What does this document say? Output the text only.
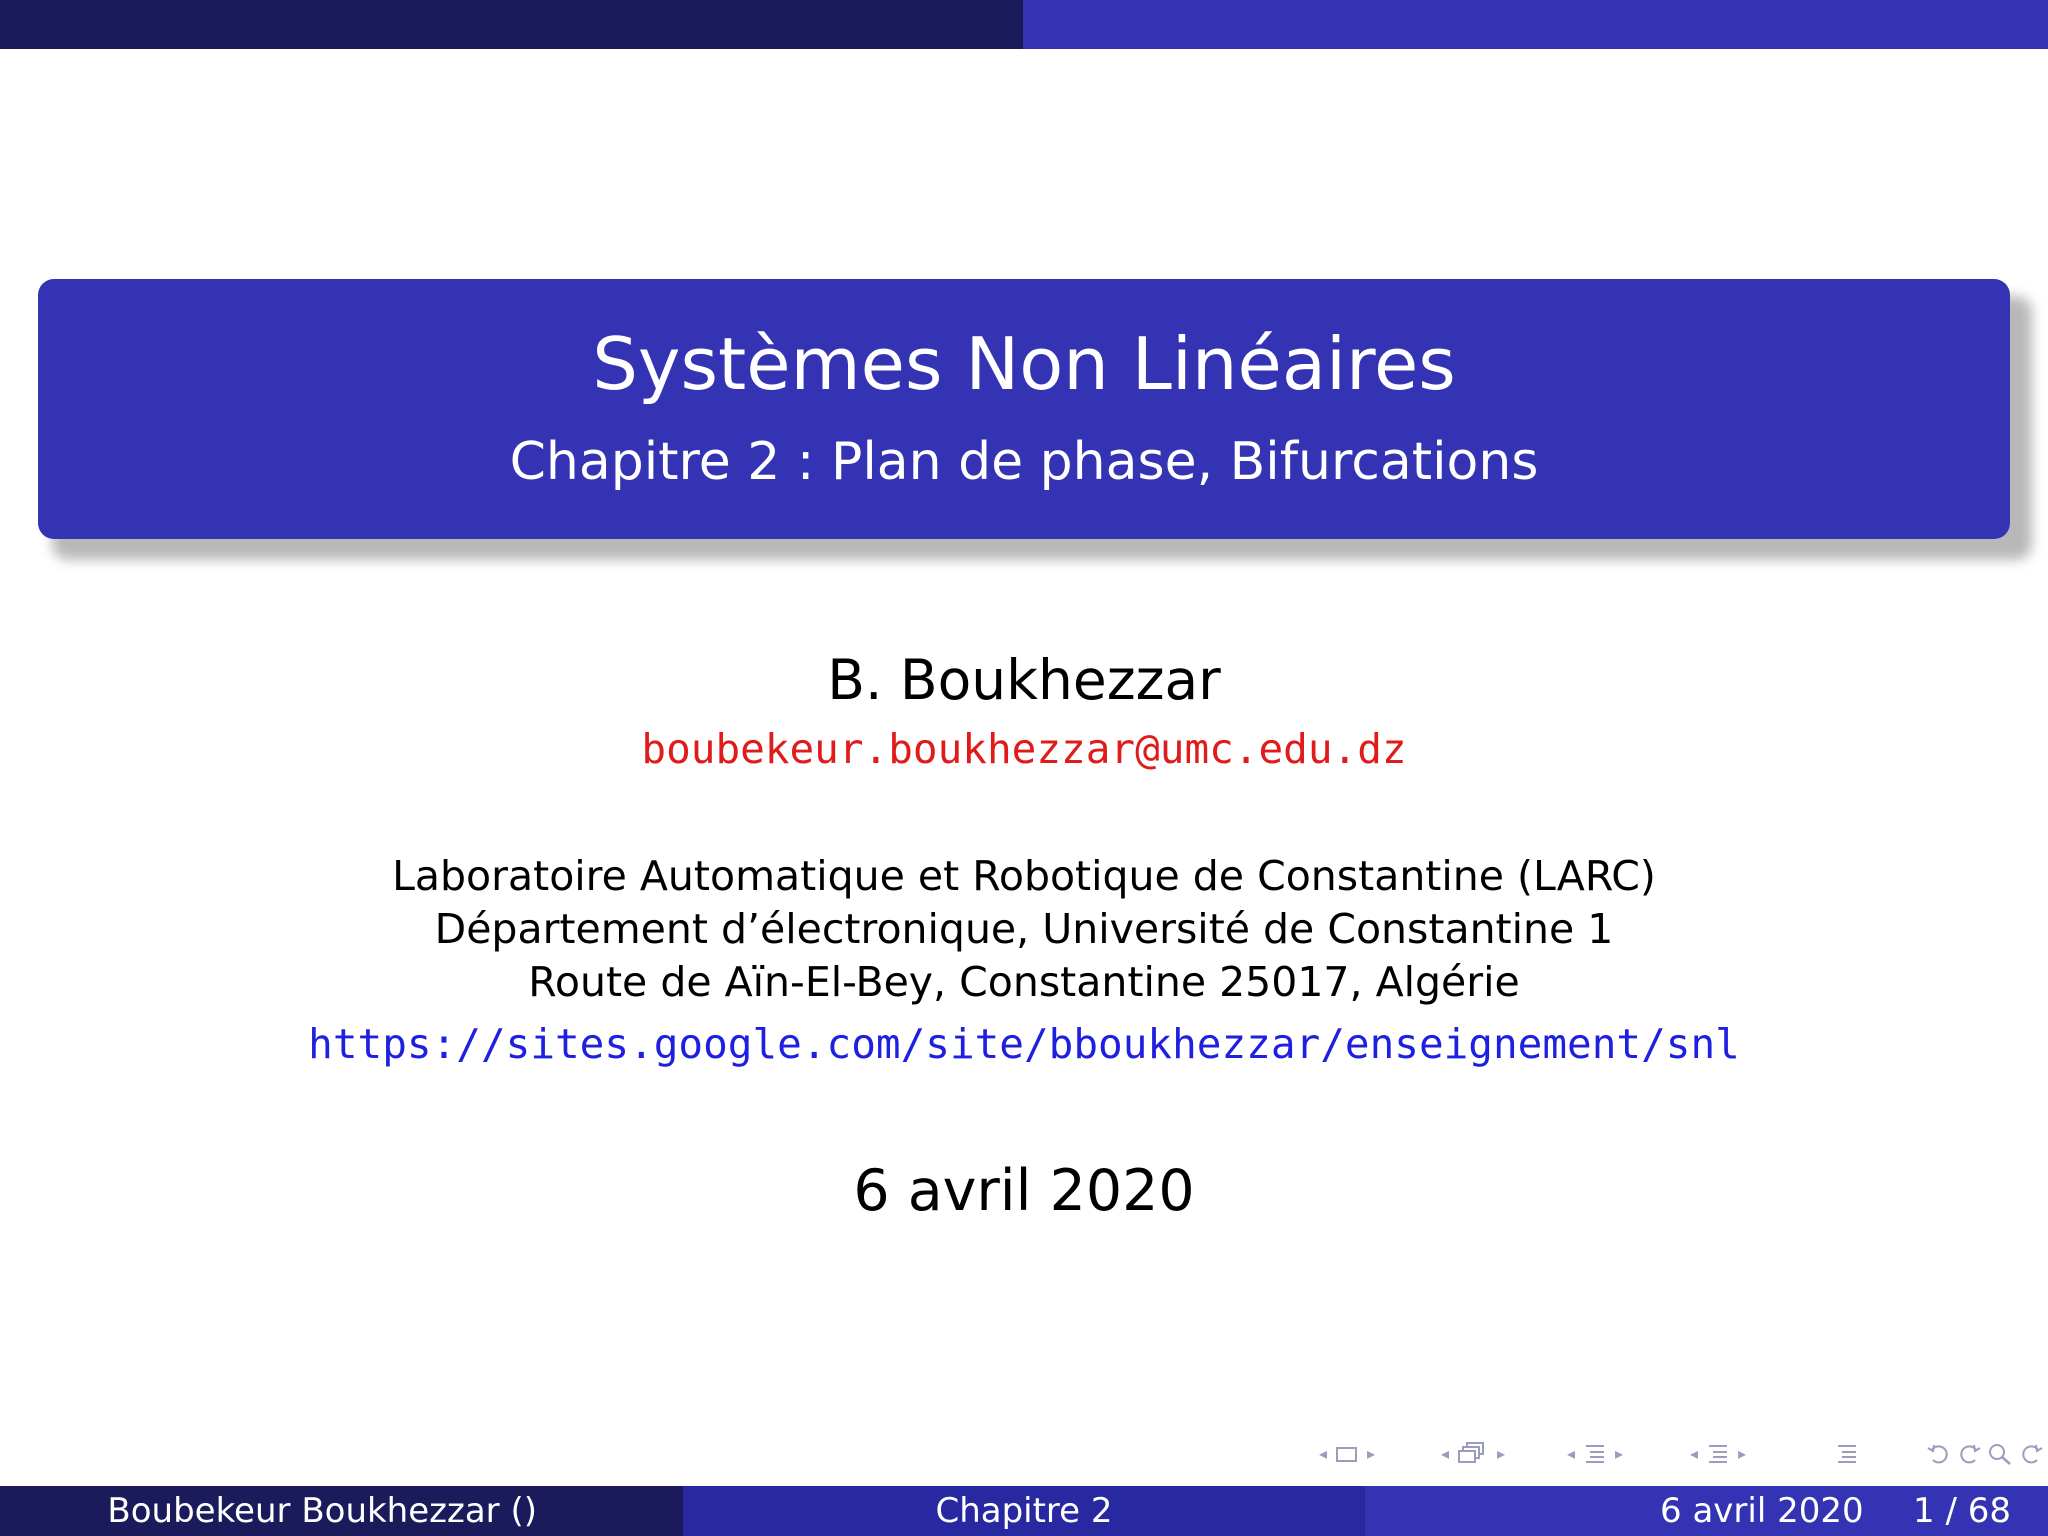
Systèmes Non Linéaires
Chapitre 2 : Plan de phase, Bifurcations
B. Boukhezzar
boubekeur.boukhezzar@umc.edu.dz
Laboratoire Automatique et Robotique de Constantine (LARC)
Département d’électronique, Université de Constantine 1
Route de Aïn-El-Bey, Constantine 25017, Algérie
https://sites.google.com/site/bboukhezzar/enseignement/snl
6 avril 2020
◂	▸	◂	▸	◂	▸	◂	▸
Boubekeur Boukhezzar ()	Chapitre 2	6 avril 2020 1 / 68
